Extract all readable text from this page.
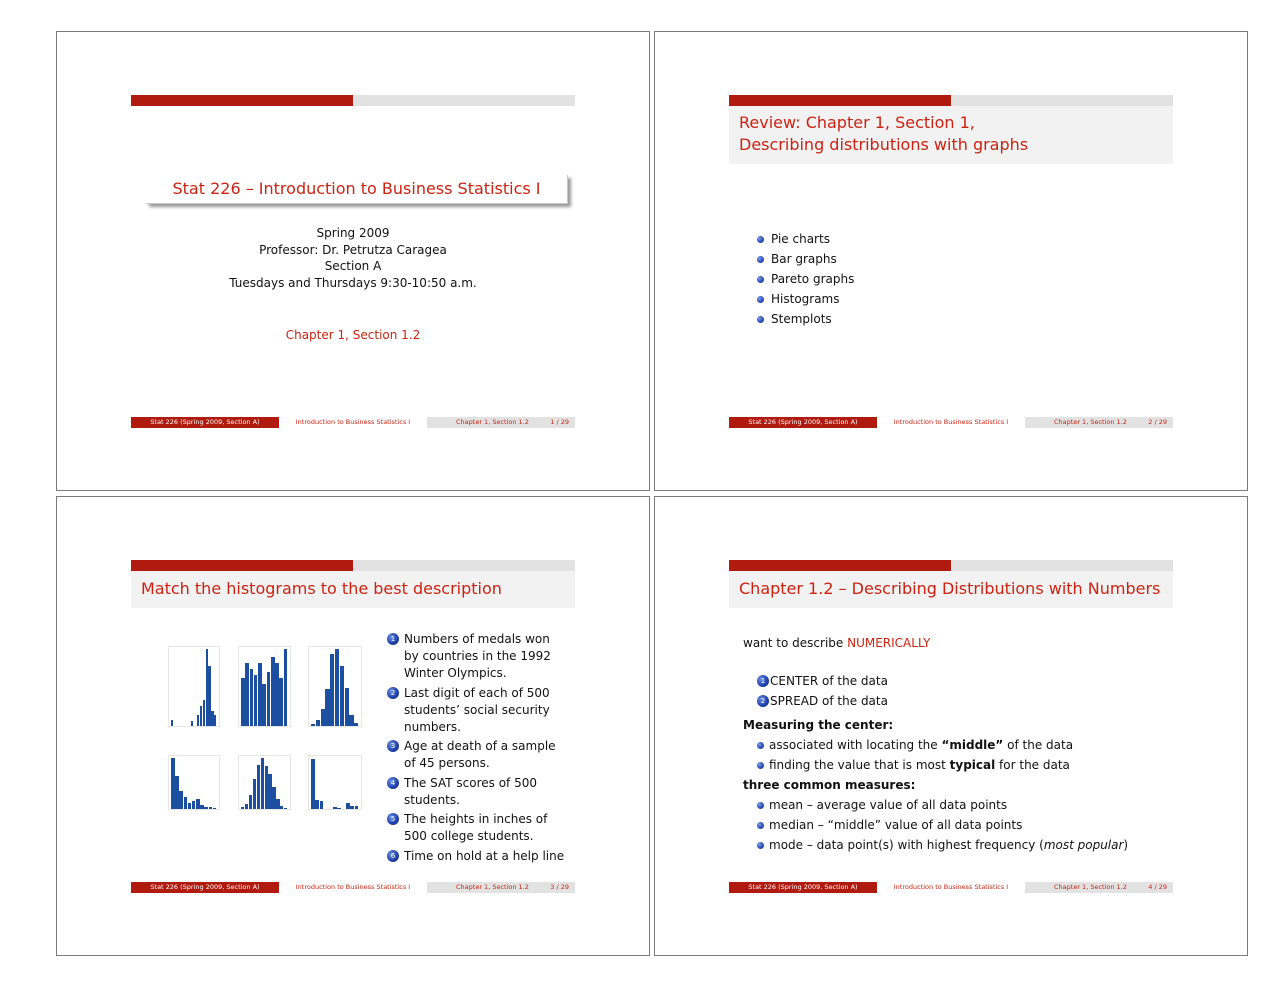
Stat 226 – Introduction to Business Statistics I
Spring 2009
Professor: Dr. Petrutza Caragea
Section A
Tuesdays and Thursdays 9:30-10:50 a.m.
Chapter 1, Section 1.2
Stat 226 (Spring 2009, Section A)	Introduction to Business Statistics I	Chapter 1, Section 1.2	1 / 29
Review: Chapter 1, Section 1,
Describing distributions with graphs
Pie charts
Bar graphs
Pareto graphs
Histograms
Stemplots
Stat 226 (Spring 2009, Section A)	Introduction to Business Statistics I	Chapter 1, Section 1.2	2 / 29
Match the histograms to the best description
1 Numbers of medals won by countries in the 1992 Winter Olympics.
2 Last digit of each of 500 students’ social security numbers.
3 Age at death of a sample of 45 persons.
4 The SAT scores of 500 students.
5 The heights in inches of 500 college students.
6 Time on hold at a help line
Stat 226 (Spring 2009, Section A)	Introduction to Business Statistics I	Chapter 1, Section 1.2	3 / 29
Chapter 1.2 – Describing Distributions with Numbers
want to describe NUMERICALLY
1 CENTER of the data
2 SPREAD of the data
Measuring the center:
associated with locating the “middle” of the data
finding the value that is most typical for the data
three common measures:
mean – average value of all data points
median – “middle” value of all data points
mode – data point(s) with highest frequency (most popular)
Stat 226 (Spring 2009, Section A)	Introduction to Business Statistics I	Chapter 1, Section 1.2	4 / 29
